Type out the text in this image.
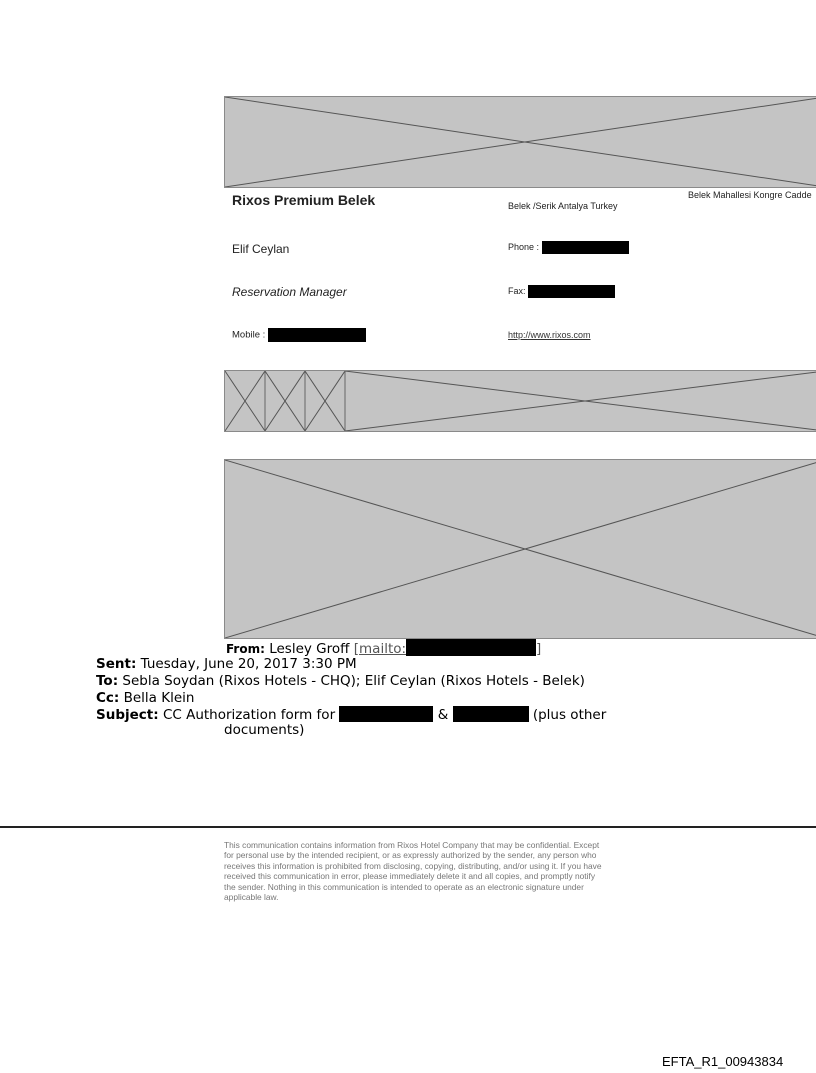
Rixos Premium Belek	Belek Mahallesi Kongre Cadde
Belek /Serik Antalya Turkey
Elif Ceylan	Phone :
Reservation Manager	Fax:
Mobile :	http://www.rixos.com
From: Lesley Groff [mailto:	]
Sent: Tuesday, June 20, 2017 3:30 PM
To: Sebla Soydan (Rixos Hotels - CHQ); Elif Ceylan (Rixos Hotels - Belek)
Cc: Bella Klein
Subject: CC Authorization form for	&	(plus other
documents)
This communication contains information from Rixos Hotel Company that may be confidential. Except for personal use by the intended recipient, or as expressly authorized by the sender, any person who receives this information is prohibited from disclosing, copying, distributing, and/or using it. If you have received this communication in error, please immediately delete it and all copies, and promptly notify the sender. Nothing in this communication is intended to operate as an electronic signature under applicable law.
EFTA_R1_00943834
